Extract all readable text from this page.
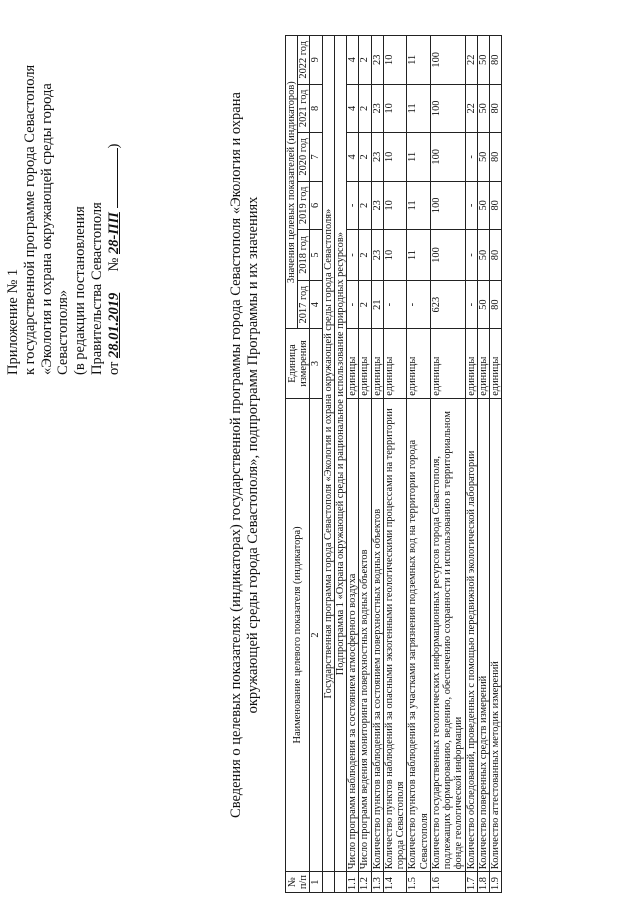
Приложение № 1 к государственной программе города Севастополя «Экология и охрана окружающей среды города Севастополя» (в редакции постановления Правительства Севастополя от 28.01.2019  № 28-ПП )	Сведения о целевых показателях (индикаторах) государственной программы города Севастополя «Экология и охрана окружающей среды города Севастополя», подпрограмм Программы и их значениях
№ п/п	Наименование целевого показателя (индикатора)	Единица измерения	Значения целевых показателей (индикаторов)					
			2017 год	2018 год	2019 год	2020 год	2021 год	2022 год
1	2	3	4	5	6	7	8	9
	Государственная программа города Севастополя «Экология и охрана окружающей среды города Севастополя»							
	Подпрограмма 1 «Охрана окружающей среды и рациональное использование природных ресурсов»							
1.1	Число программ наблюдения за состоянием атмосферного воздуха	единицы	-	-	-	4	4	4
1.2	Число программ ведения мониторинга поверхностных водных объектов	единицы	2	2	2	2	2	2
1.3	Количество пунктов наблюдений за состоянием поверхностных водных объектов	единицы	21	23	23	23	23	23
1.4	Количество пунктов наблюдений за опасными экзогенными геологическими процессами на территории города Севастополя	единицы	-	10	10	10	10	10
1.5	Количество пунктов наблюдений за участками загрязнения подземных вод на территории города Севастополя	единицы	-	11	11	11	11	11
1.6	Количество государственных геологических информационных ресурсов города Севастополя, подлежащих формированию, ведению, обеспечению сохранности и использованию в территориальном фонде геологической информации	единицы	623	100	100	100	100	100
1.7	Количество обследований, проведенных с помощью передвижной экологической лаборатории	единицы	-	-	-	-	22	22
1.8	Количество поверенных средств измерений	единицы	50	50	50	50	50	50
1.9	Количество аттестованных методик измерений	единицы	80	80	80	80	80	80
